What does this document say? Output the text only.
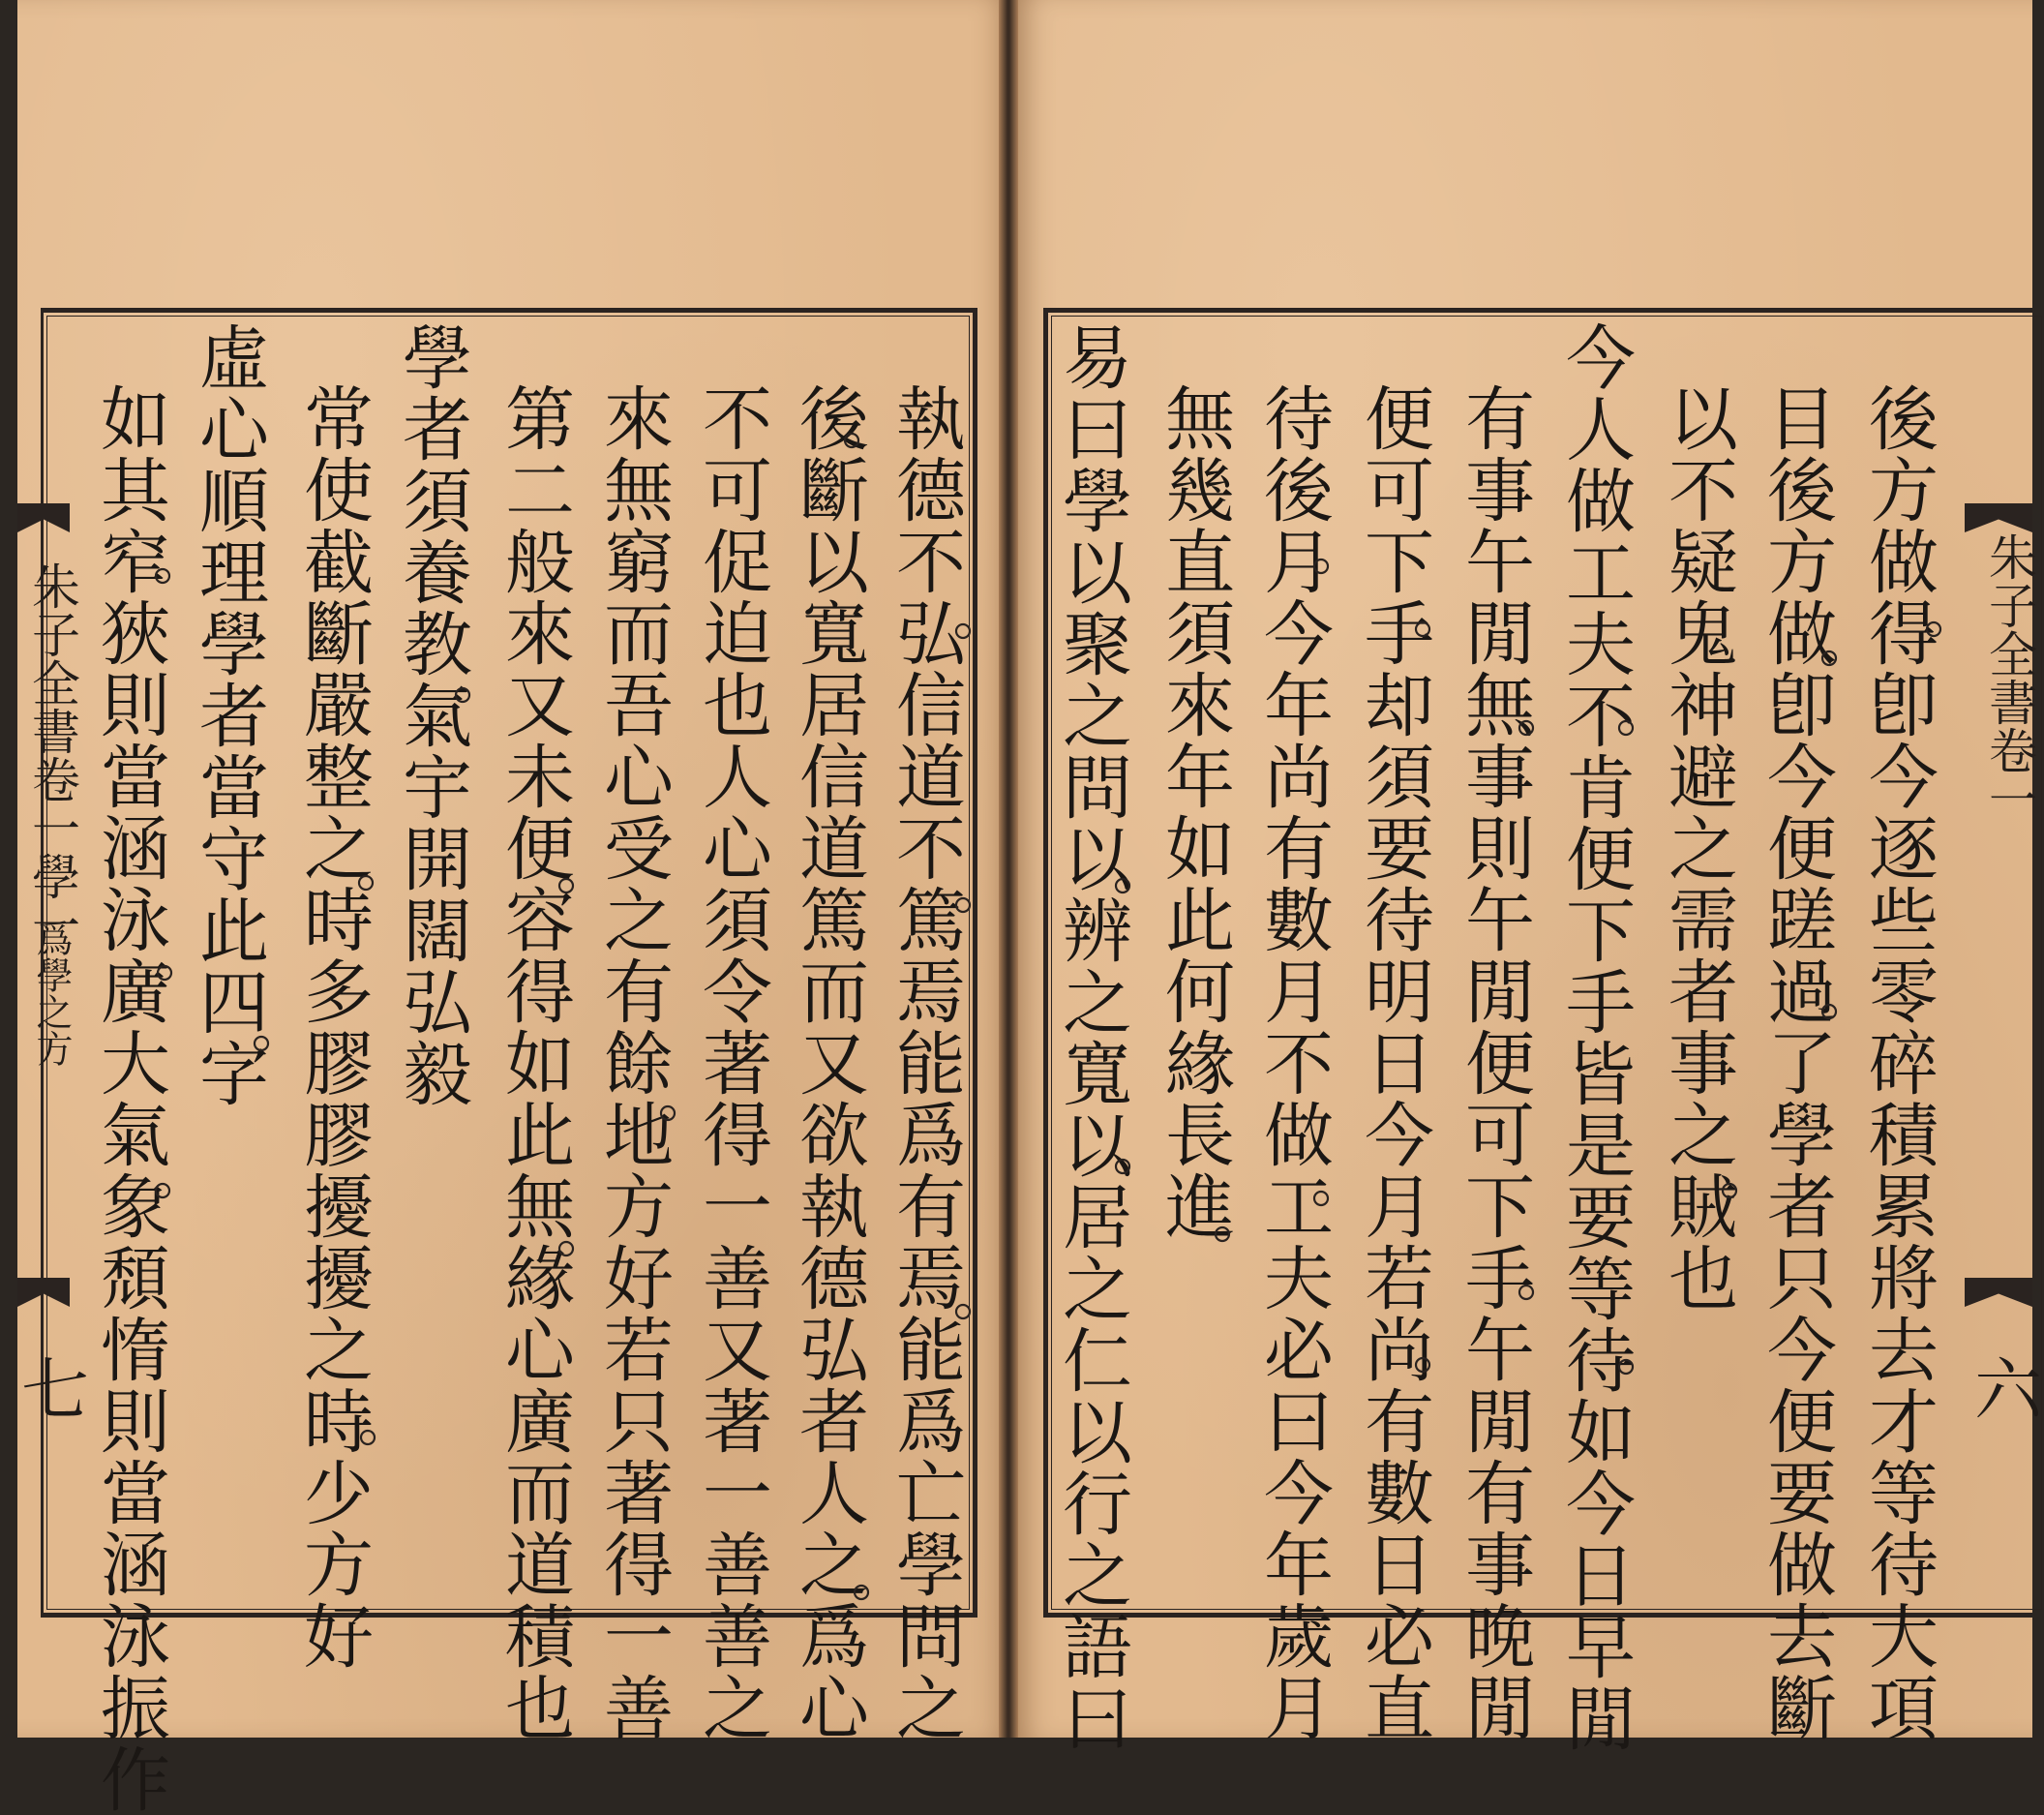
朱子全書卷一學一
爲學之方
七	執德不弘信道不篤焉能爲有焉能爲亡學問之
後斷以寬居信道篤而又欲執德弘者人之爲心
不可促迫也人心須令著得一善又著一善善之
來無窮而吾心受之有餘地方好若只著得一善
第二般來又未便容得如此無緣心廣而道積也
學者須養教氣宇開闊弘毅
常使截斷嚴整之時多膠膠擾擾之時少方好
虛心順理學者當守此四字
如其窄狹則當涵泳廣大氣象頹惰則當涵泳振作	後方做得卽今逐些零碎積累將去才等待大項
目後方做卽今便蹉過了學者只今便要做去斷
以不疑鬼神避之需者事之賊也
今人做工夫不肯便下手皆是要等待如今日早閒
有事午閒無事則午閒便可下手午閒有事晚閒
便可下手却須要待明日今月若尚有數日必直
待後月今年尚有數月不做工夫必曰今年歲月
無幾直須來年如此何緣長進
易曰學以聚之問以辨之寬以居之仁以行之語曰	朱子全書卷一
六
